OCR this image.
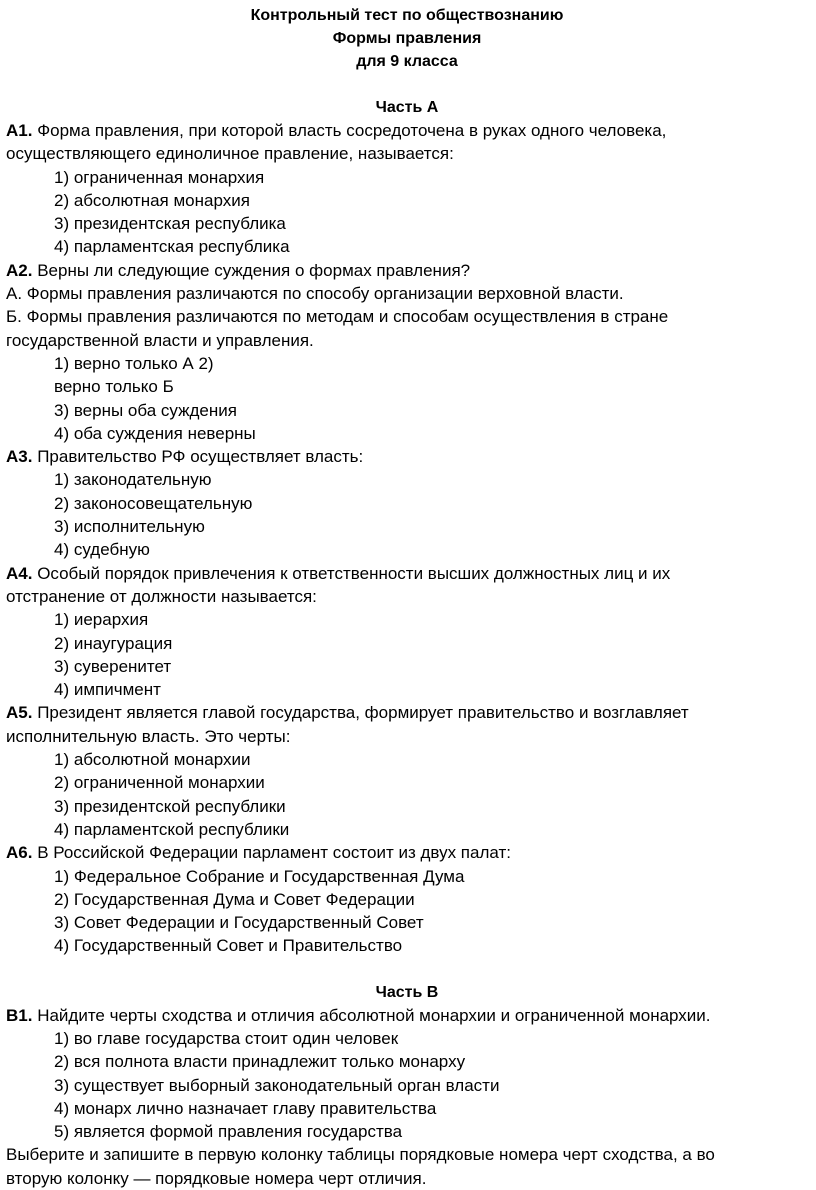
Контрольный тест по обществознанию
Формы правления
для 9 класса
Часть А
А1. Форма правления, при которой власть сосредоточена в руках одного человека,
осуществляющего единоличное правление, называется:
1) ограниченная монархия
2) абсолютная монархия
3) президентская республика
4) парламентская республика
А2. Верны ли следующие суждения о формах правления?
А. Формы правления различаются по способу организации верховной власти.
Б. Формы правления различаются по методам и способам осуществления в стране
государственной власти и управления.
1) верно только А 2)
верно только Б
3) верны оба суждения
4) оба суждения неверны
А3. Правительство РФ осуществляет власть:
1) законодательную
2) законосовещательную
3) исполнительную
4) судебную
А4. Особый порядок привлечения к ответственности высших должностных лиц и их
отстранение от должности называется:
1) иерархия
2) инаугурация
3) суверенитет
4) импичмент
А5. Президент является главой государства, формирует правительство и возглавляет
исполнительную власть. Это черты:
1) абсолютной монархии
2) ограниченной монархии
3) президентской республики
4) парламентской республики
А6. В Российской Федерации парламент состоит из двух палат:
1) Федеральное Собрание и Государственная Дума
2) Государственная Дума и Совет Федерации
3) Совет Федерации и Государственный Совет
4) Государственный Совет и Правительство
Часть В
В1. Найдите черты сходства и отличия абсолютной монархии и ограниченной монархии.
1) во главе государства стоит один человек
2) вся полнота власти принадлежит только монарху
3) существует выборный законодательный орган власти
4) монарх лично назначает главу правительства
5) является формой правления государства
Выберите и запишите в первую колонку таблицы порядковые номера черт сходства, а во
вторую колонку — порядковые номера черт отличия.
